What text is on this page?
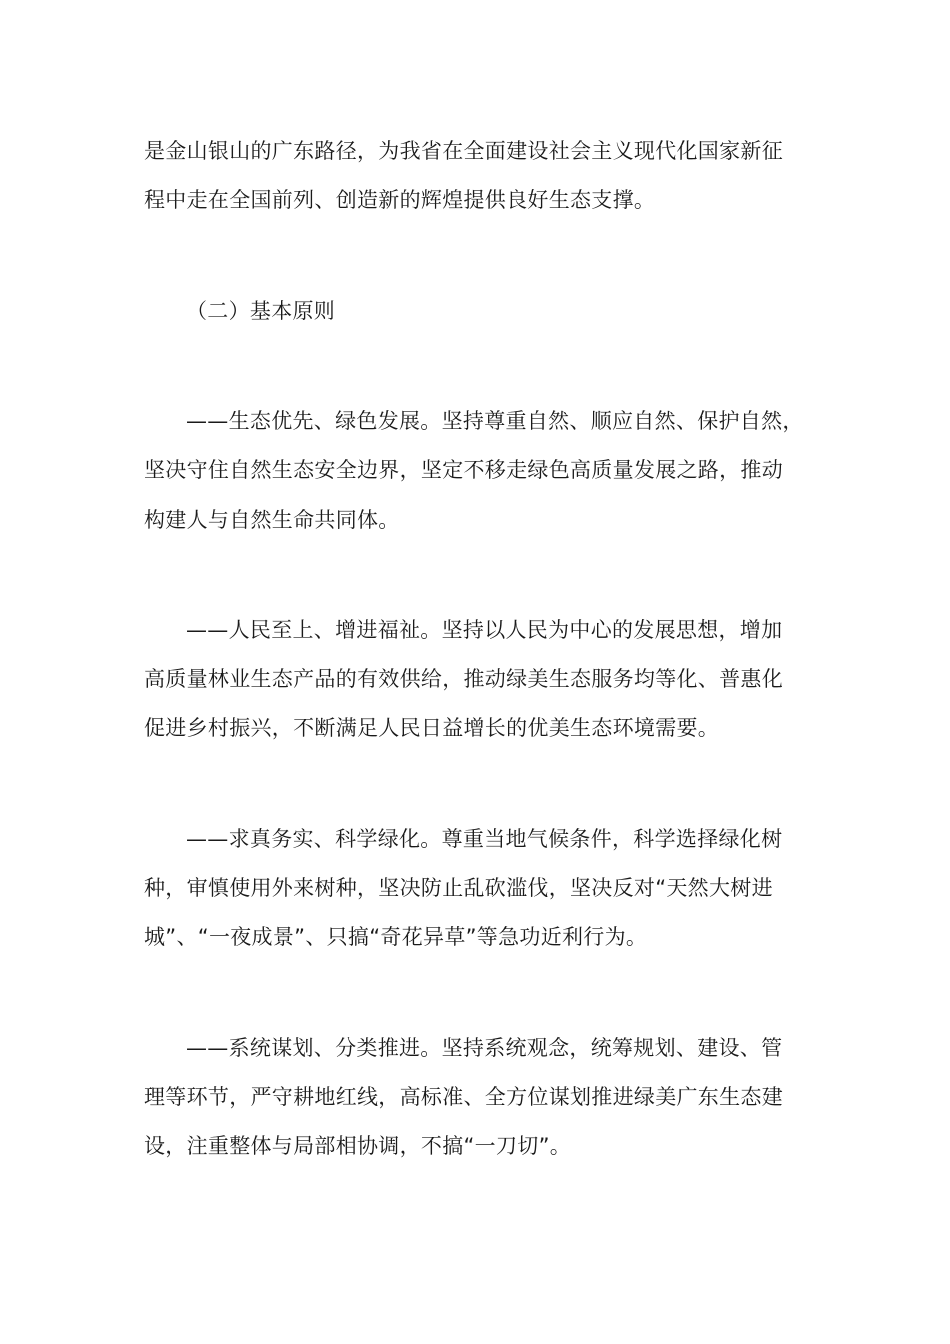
是金山银山的广东路径，为我省在全面建设社会主义现代化国家新征
程中走在全国前列、创造新的辉煌提供良好生态支撑。
（二）基本原则
——生态优先、绿色发展。坚持尊重自然、顺应自然、保护自然，
坚决守住自然生态安全边界，坚定不移走绿色高质量发展之路，推动
构建人与自然生命共同体。
——人民至上、增进福祉。坚持以人民为中心的发展思想，增加
高质量林业生态产品的有效供给，推动绿美生态服务均等化、普惠化
促进乡村振兴，不断满足人民日益增长的优美生态环境需要。
——求真务实、科学绿化。尊重当地气候条件，科学选择绿化树
种，审慎使用外来树种，坚决防止乱砍滥伐，坚决反对“天然大树进
城”、“一夜成景”、只搞“奇花异草”等急功近利行为。
——系统谋划、分类推进。坚持系统观念，统筹规划、建设、管
理等环节，严守耕地红线，高标准、全方位谋划推进绿美广东生态建
设，注重整体与局部相协调，不搞“一刀切”。
